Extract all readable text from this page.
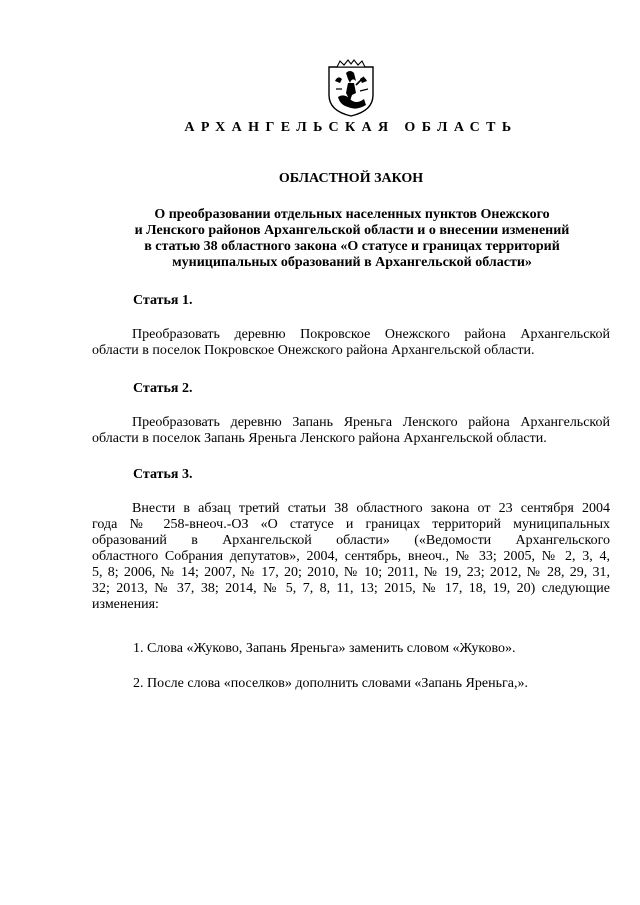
АРХАНГЕЛЬСКАЯ ОБЛАСТЬ
ОБЛАСТНОЙ ЗАКОН
О преобразовании отдельных населенных пунктов Онежского
и Ленского районов Архангельской области и о внесении изменений
в статью 38 областного закона «О статусе и границах территорий
муниципальных образований в Архангельской области»
Статья 1.
Преобразовать деревню Покровское Онежского района Архангельской
области в поселок Покровское Онежского района Архангельской области.
Статья 2.
Преобразовать деревню Запань Яреньга Ленского района Архангельской
области в поселок Запань Яреньга Ленского района Архангельской области.
Статья 3.
Внести в абзац третий статьи 38 областного закона от 23 сентября 2004
года № 258-внеоч.-ОЗ «О статусе и границах территорий муниципальных
образований в Архангельской области» («Ведомости Архангельского
областного Собрания депутатов», 2004, сентябрь, внеоч., № 33; 2005, № 2, 3, 4,
5, 8; 2006, № 14; 2007, № 17, 20; 2010, № 10; 2011, № 19, 23; 2012, № 28, 29, 31,
32; 2013, № 37, 38; 2014, № 5, 7, 8, 11, 13; 2015, № 17, 18, 19, 20) следующие
изменения:
1. Слова «Жуково, Запань Яреньга» заменить словом «Жуково».
2. После слова «поселков» дополнить словами «Запань Яреньга,».
